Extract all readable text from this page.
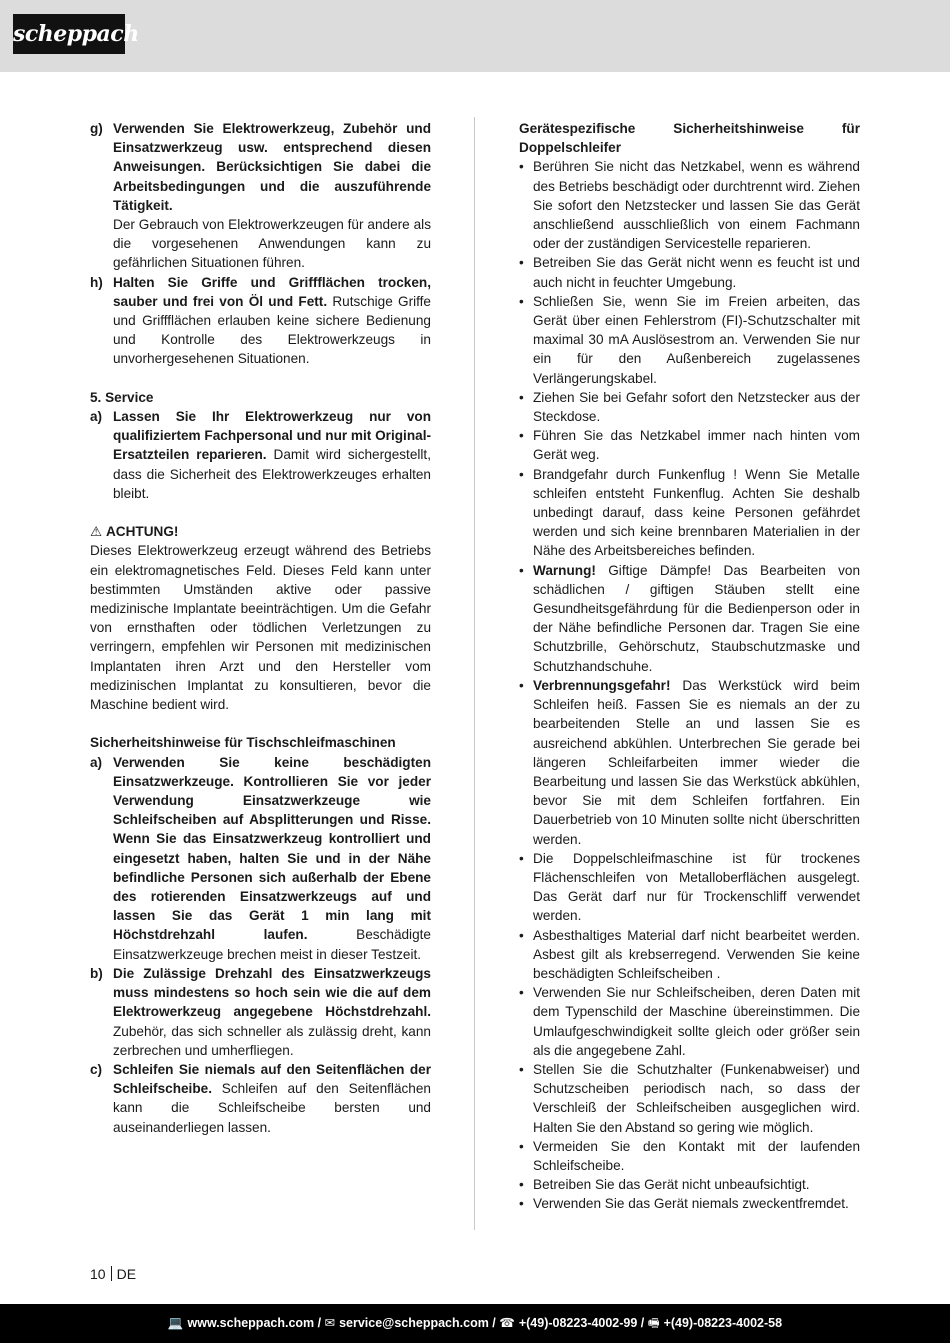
scheppach

g) Verwenden Sie Elektrowerkzeug, Zubehör und Einsatzwerkzeug usw. entsprechend diesen Anweisungen. Berücksichtigen Sie dabei die Arbeitsbedingungen und die auszuführende Tätigkeit.
Der Gebrauch von Elektrowerkzeugen für andere als die vorgesehenen Anwendungen kann zu gefährlichen Situationen führen.

h) Halten Sie Griffe und Griffflächen trocken, sauber und frei von Öl und Fett. Rutschige Griffe und Griffflächen erlauben keine sichere Bedienung und Kontrolle des Elektrowerkzeugs in unvorhergesehenen Situationen.

5. Service

a) Lassen Sie Ihr Elektrowerkzeug nur von qualifiziertem Fachpersonal und nur mit Original-Ersatzteilen reparieren. Damit wird sichergestellt, dass die Sicherheit des Elektrowerkzeuges erhalten bleibt.

⚠ ACHTUNG!

Dieses Elektrowerkzeug erzeugt während des Betriebs ein elektromagnetisches Feld. Dieses Feld kann unter bestimmten Umständen aktive oder passive medizinische Implantate beeinträchtigen. Um die Gefahr von ernsthaften oder tödlichen Verletzungen zu verringern, empfehlen wir Personen mit medizinischen Implantaten ihren Arzt und den Hersteller vom medizinischen Implantat zu konsultieren, bevor die Maschine bedient wird.

Sicherheitshinweise für Tischschleifmaschinen

a) Verwenden Sie keine beschädigten Einsatzwerkzeuge. Kontrollieren Sie vor jeder Verwendung Einsatzwerkzeuge wie Schleifscheiben auf Absplitterungen und Risse. Wenn Sie das Einsatzwerkzeug kontrolliert und eingesetzt haben, halten Sie und in der Nähe befindliche Personen sich außerhalb der Ebene des rotierenden Einsatzwerkzeugs auf und lassen Sie das Gerät 1 min lang mit Höchstdrehzahl laufen. Beschädigte Einsatzwerkzeuge brechen meist in dieser Testzeit.

b) Die Zulässige Drehzahl des Einsatzwerkzeugs muss mindestens so hoch sein wie die auf dem Elektrowerkzeug angegebene Höchstdrehzahl. Zubehör, das sich schneller als zulässig dreht, kann zerbrechen und umherfliegen.

c) Schleifen Sie niemals auf den Seitenflächen der Schleifscheibe. Schleifen auf den Seitenflächen kann die Schleifscheibe bersten und auseinanderliegen lassen.

Gerätespezifische Sicherheitshinweise für Doppelschleifer

• Berühren Sie nicht das Netzkabel, wenn es während des Betriebs beschädigt oder durchtrennt wird. Ziehen Sie sofort den Netzstecker und lassen Sie das Gerät anschließend ausschließlich von einem Fachmann oder der zuständigen Servicestelle reparieren.

• Betreiben Sie das Gerät nicht wenn es feucht ist und auch nicht in feuchter Umgebung.

• Schließen Sie, wenn Sie im Freien arbeiten, das Gerät über einen Fehlerstrom (FI)-Schutzschalter mit maximal 30 mA Auslösestrom an. Verwenden Sie nur ein für den Außenbereich zugelassenes Verlängerungskabel.

• Ziehen Sie bei Gefahr sofort den Netzstecker aus der Steckdose.

• Führen Sie das Netzkabel immer nach hinten vom Gerät weg.

• Brandgefahr durch Funkenflug ! Wenn Sie Metalle schleifen entsteht Funkenflug. Achten Sie deshalb unbedingt darauf, dass keine Personen gefährdet werden und sich keine brennbaren Materialien in der Nähe des Arbeitsbereiches befinden.

• Warnung! Giftige Dämpfe! Das Bearbeiten von schädlichen / giftigen Stäuben stellt eine Gesundheitsgefährdung für die Bedienperson oder in der Nähe befindliche Personen dar. Tragen Sie eine Schutzbrille, Gehörschutz, Staubschutzmaske und Schutzhandschuhe.

• Verbrennungsgefahr! Das Werkstück wird beim Schleifen heiß. Fassen Sie es niemals an der zu bearbeitenden Stelle an und lassen Sie es ausreichend abkühlen. Unterbrechen Sie gerade bei längeren Schleifarbeiten immer wieder die Bearbeitung und lassen Sie das Werkstück abkühlen, bevor Sie mit dem Schleifen fortfahren. Ein Dauerbetrieb von 10 Minuten sollte nicht überschritten werden.

• Die Doppelschleifmaschine ist für trockenes Flächenschleifen von Metalloberflächen ausgelegt. Das Gerät darf nur für Trockenschliff verwendet werden.

• Asbesthaltiges Material darf nicht bearbeitet werden. Asbest gilt als krebserregend. Verwenden Sie keine beschädigten Schleifscheiben .

• Verwenden Sie nur Schleifscheiben, deren Daten mit dem Typenschild der Maschine übereinstimmen. Die Umlaufgeschwindigkeit sollte gleich oder größer sein als die angegebene Zahl.

• Stellen Sie die Schutzhalter (Funkenabweiser) und Schutzscheiben periodisch nach, so dass der Verschleiß der Schleifscheiben ausgeglichen wird. Halten Sie den Abstand so gering wie möglich.

• Vermeiden Sie den Kontakt mit der laufenden Schleifscheibe.

• Betreiben Sie das Gerät nicht unbeaufsichtigt.

• Verwenden Sie das Gerät niemals zweckentfremdet.

10 DE
💻 www.scheppach.com / ✉ service@scheppach.com / ☎ +(49)-08223-4002-99 / 🖷 +(49)-08223-4002-58
